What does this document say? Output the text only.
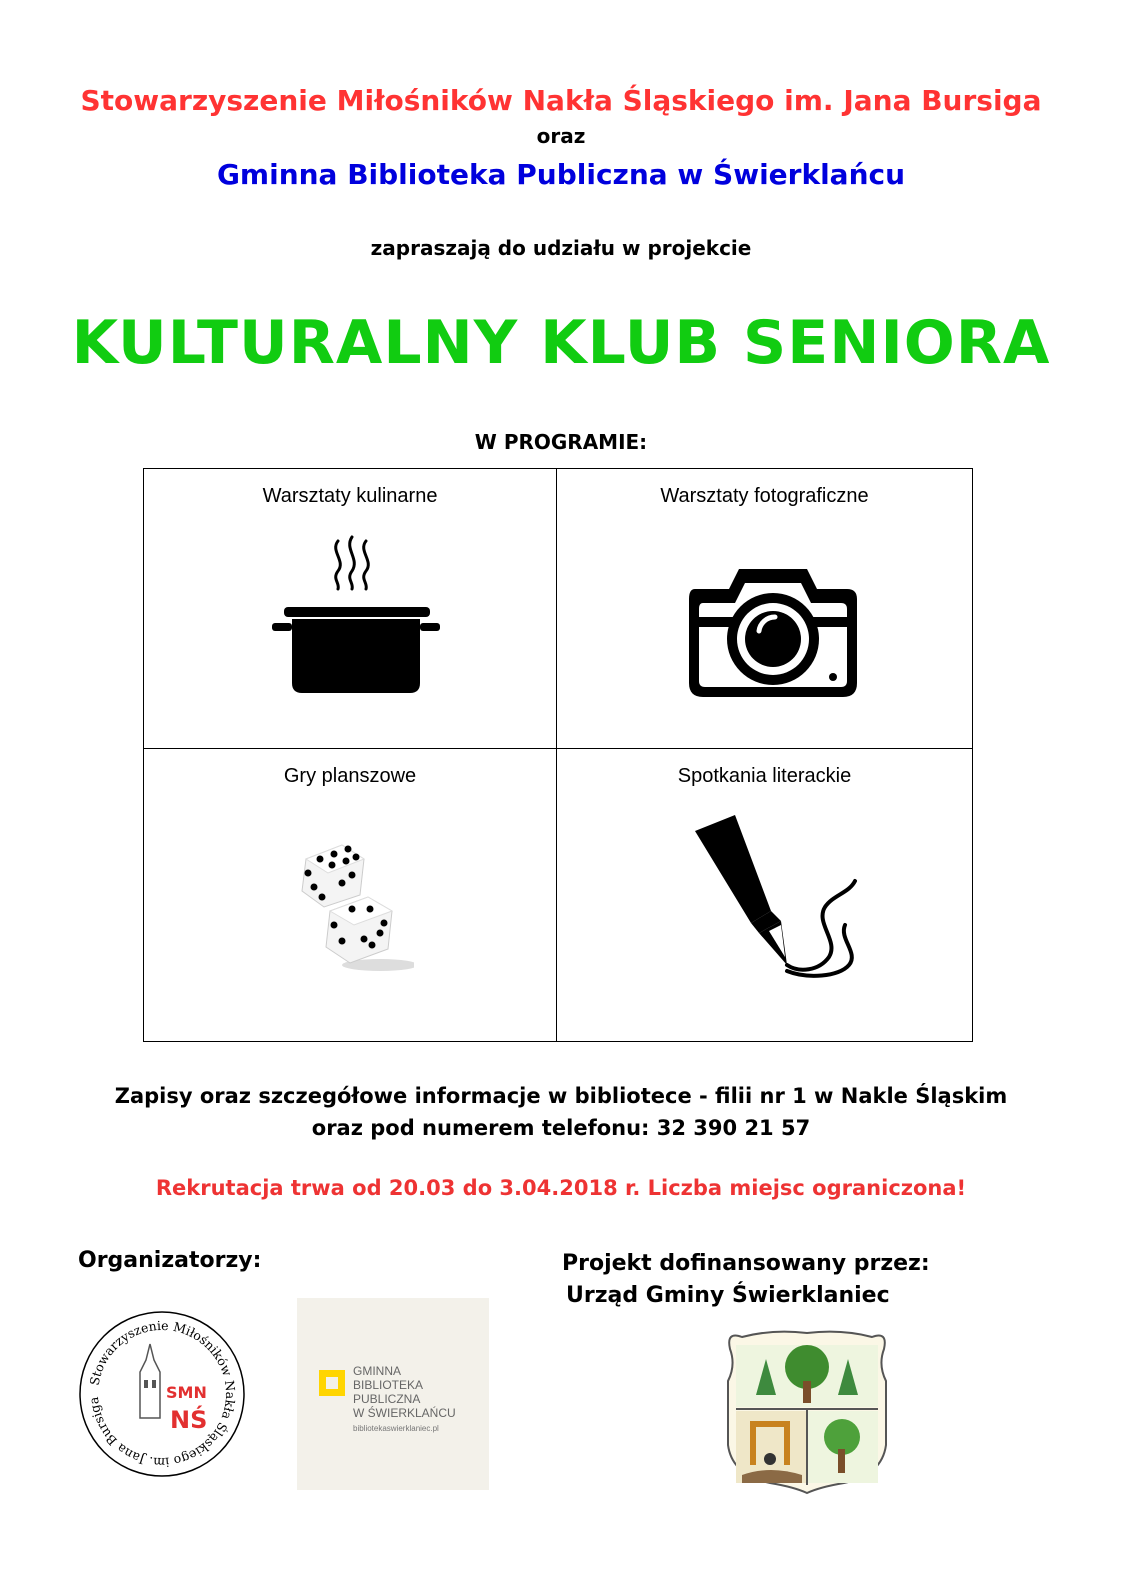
Stowarzyszenie Miłośników Nakła Śląskiego im. Jana Bursiga
oraz
Gminna Biblioteka Publiczna w Świerklańcu
zapraszają do udziału w projekcie
KULTURALNY KLUB SENIORA
W PROGRAMIE:
Warsztaty kulinarne	Warsztaty fotograficzne
Gry planszowe	Spotkania literackie
Zapisy oraz szczegółowe informacje w bibliotece - filii nr 1 w Nakle Śląskim
oraz pod numerem telefonu: 32 390 21 57
Rekrutacja trwa od 20.03 do 3.04.2018 r. Liczba miejsc ograniczona!
Organizatorzy:	Projekt dofinansowany przez:
Urząd Gminy Świerklaniec
Stowarzyszenie Miłośników Nakła Śląskiego im. Jana Bursiga	SMN
NŚ
GMINNA
BIBLIOTEKA PUBLICZNA
W ŚWIERKLAŃCU
bibliotekaswierklaniec.pl
